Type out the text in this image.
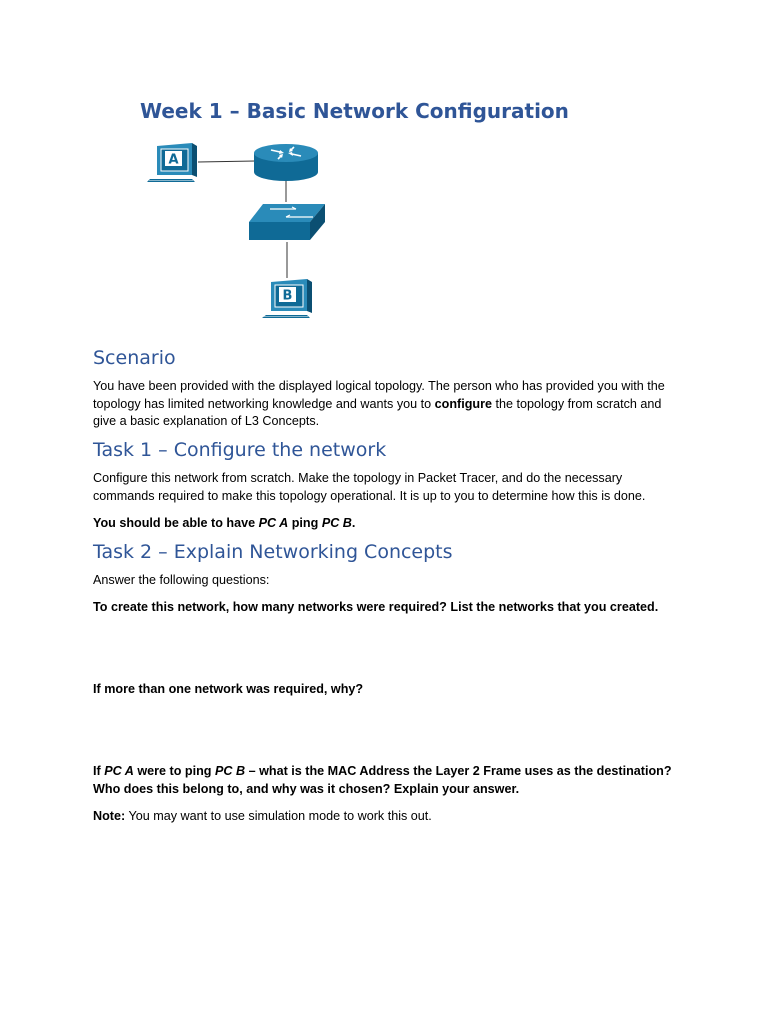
Week 1 – Basic Network Configuration
A
B
Scenario

You have been provided with the displayed logical topology. The person who has provided you with the topology has limited networking knowledge and wants you to configure the topology from scratch and give a basic explanation of L3 Concepts.

Task 1 – Configure the network

Configure this network from scratch. Make the topology in Packet Tracer, and do the necessary commands required to make this topology operational. It is up to you to determine how this is done.

You should be able to have PC A ping PC B.

Task 2 – Explain Networking Concepts

Answer the following questions:

To create this network, how many networks were required? List the networks that you created.

If more than one network was required, why?

If PC A were to ping PC B – what is the MAC Address the Layer 2 Frame uses as the destination? Who does this belong to, and why was it chosen? Explain your answer.

Note: You may want to use simulation mode to work this out.
